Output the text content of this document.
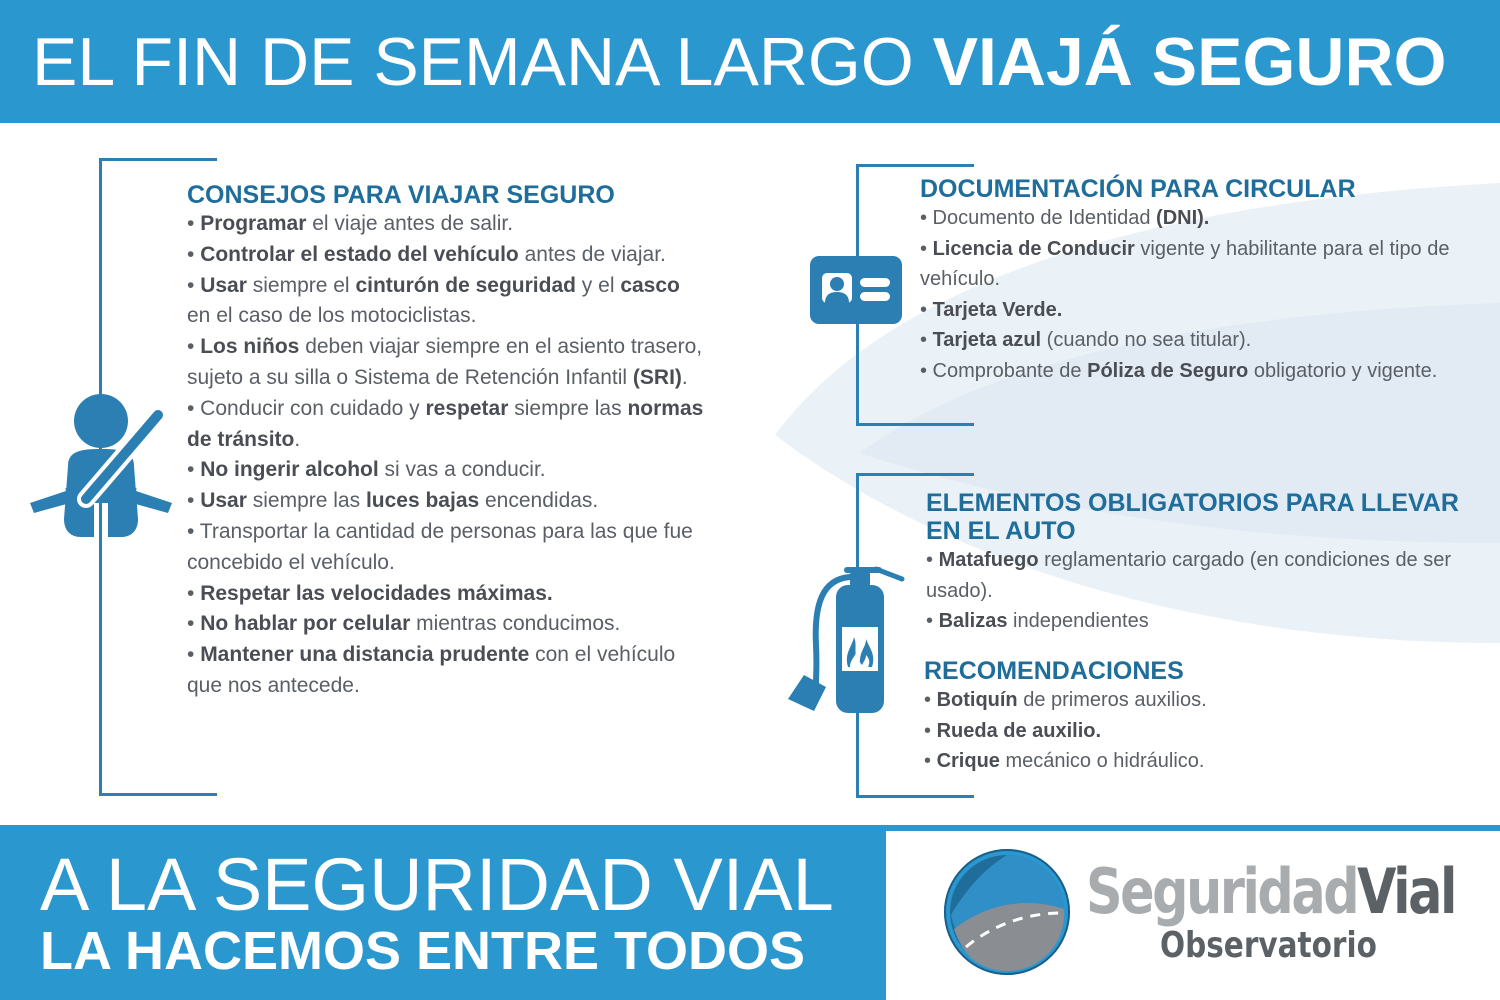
EL FIN DE SEMANA LARGO VIAJÁ SEGURO
CONSEJOS PARA VIAJAR SEGURO
• Programar el viaje antes de salir.
• Controlar el estado del vehículo antes de viajar.
• Usar siempre el cinturón de seguridad y el casco en el caso de los motociclistas.
• Los niños deben viajar siempre en el asiento trasero, sujeto a su silla o Sistema de Retención Infantil (SRI).
• Conducir con cuidado y respetar siempre las normas de tránsito.
• No ingerir alcohol si vas a conducir.
• Usar siempre las luces bajas encendidas.
• Transportar la cantidad de personas para las que fue concebido el vehículo.
• Respetar las velocidades máximas.
• No hablar por celular mientras conducimos.
• Mantener una distancia prudente con el vehículo que nos antecede.
DOCUMENTACIÓN PARA CIRCULAR
• Documento de Identidad (DNI).
• Licencia de Conducir vigente y habilitante para el tipo de vehículo.
• Tarjeta Verde.
• Tarjeta azul (cuando no sea titular).
• Comprobante de Póliza de Seguro obligatorio y vigente.
ELEMENTOS OBLIGATORIOS PARA LLEVAR EN EL AUTO
• Matafuego reglamentario cargado (en condiciones de ser usado).
• Balizas independientes
RECOMENDACIONES
• Botiquín de primeros auxilios.
• Rueda de auxilio.
• Crique mecánico o hidráulico.
A LA SEGURIDAD VIAL
LA HACEMOS ENTRE TODOS
SeguridadVial
Observatorio
